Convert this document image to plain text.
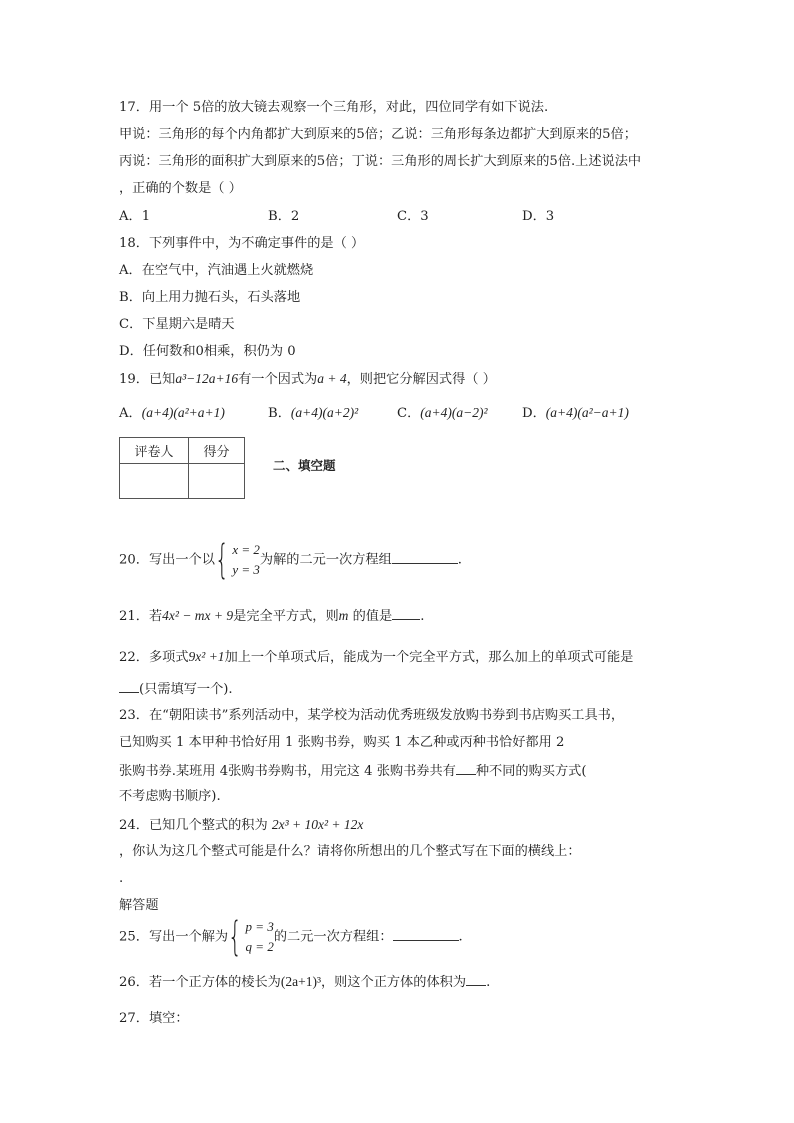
17．用一个 5倍的放大镜去观察一个三角形，对此，四位同学有如下说法.
甲说：三角形的每个内角都扩大到原来的5倍；乙说：三角形每条边都扩大到原来的5倍；
丙说：三角形的面积扩大到原来的5倍；丁说：三角形的周长扩大到原来的5倍.上述说法中
，正确的个数是（ ）
A．1	B．2	C．3	D．3
18．下列事件中，为不确定事件的是（ ）
A．在空气中，汽油遇上火就燃烧
B．向上用力抛石头，石头落地
C．下星期六是晴天
D．任何数和0相乘，积仍为 0
19．已知a³−12a+16有一个因式为a + 4，则把它分解因式得（ ）
A．(a+4)(a²+a+1)	B．(a+4)(a+2)²	C．(a+4)(a−2)²	D．(a+4)(a²−a+1)
评卷人	得分

二、填空题
20．写出一个以{ x = 2
y = 3
为解的二元一次方程组	.
21．若4x² − mx + 9是完全平方式，则m 的值是 .
22．多项式9x² +1加上一个单项式后，能成为一个完全平方式，那么加上的单项式可能是
(只需填写一个).
23．在“朝阳读书”系列活动中，某学校为活动优秀班级发放购书券到书店购买工具书，
已知购买 1 本甲种书恰好用 1 张购书券，购买 1 本乙种或丙种书恰好都用 2
张购书券.某班用 4张购书券购书，用完这 4 张购书券共有 种不同的购买方式(
不考虑购书顺序).
24．已知几个整式的积为 2x³ + 10x² + 12x
，你认为这几个整式可能是什么？请将你所想出的几个整式写在下面的横线上：
.
解答题
25．写出一个解为{ p = 3
q = 2
的二元一次方程组：	.
26．若一个正方体的棱长为(2a+1)³，则这个正方体的体积为 .
27．填空：
